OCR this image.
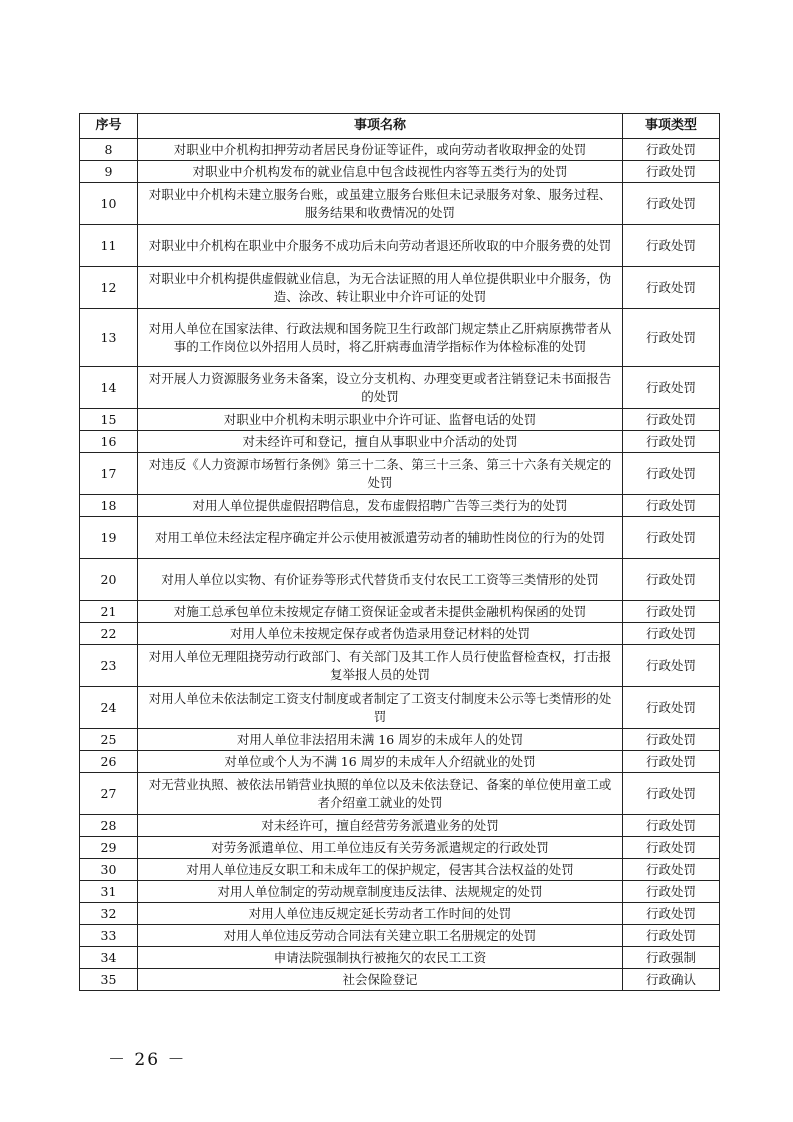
序号	事项名称	事项类型
8	对职业中介机构扣押劳动者居民身份证等证件，或向劳动者收取押金的处罚	行政处罚
9	对职业中介机构发布的就业信息中包含歧视性内容等五类行为的处罚	行政处罚
10	对职业中介机构未建立服务台账，或虽建立服务台账但未记录服务对象、服务过程、服务结果和收费情况的处罚	行政处罚
11	对职业中介机构在职业中介服务不成功后未向劳动者退还所收取的中介服务费的处罚	行政处罚
12	对职业中介机构提供虚假就业信息，为无合法证照的用人单位提供职业中介服务，伪造、涂改、转让职业中介许可证的处罚	行政处罚
13	对用人单位在国家法律、行政法规和国务院卫生行政部门规定禁止乙肝病原携带者从事的工作岗位以外招用人员时，将乙肝病毒血清学指标作为体检标准的处罚	行政处罚
14	对开展人力资源服务业务未备案，设立分支机构、办理变更或者注销登记未书面报告的处罚	行政处罚
15	对职业中介机构未明示职业中介许可证、监督电话的处罚	行政处罚
16	对未经许可和登记，擅自从事职业中介活动的处罚	行政处罚
17	对违反《人力资源市场暂行条例》第三十二条、第三十三条、第三十六条有关规定的处罚	行政处罚
18	对用人单位提供虚假招聘信息，发布虚假招聘广告等三类行为的处罚	行政处罚
19	对用工单位未经法定程序确定并公示使用被派遣劳动者的辅助性岗位的行为的处罚	行政处罚
20	对用人单位以实物、有价证券等形式代替货币支付农民工工资等三类情形的处罚	行政处罚
21	对施工总承包单位未按规定存储工资保证金或者未提供金融机构保函的处罚	行政处罚
22	对用人单位未按规定保存或者伪造录用登记材料的处罚	行政处罚
23	对用人单位无理阻挠劳动行政部门、有关部门及其工作人员行使监督检查权，打击报复举报人员的处罚	行政处罚
24	对用人单位未依法制定工资支付制度或者制定了工资支付制度未公示等七类情形的处罚	行政处罚
25	对用人单位非法招用未满 16 周岁的未成年人的处罚	行政处罚
26	对单位或个人为不满 16 周岁的未成年人介绍就业的处罚	行政处罚
27	对无营业执照、被依法吊销营业执照的单位以及未依法登记、备案的单位使用童工或者介绍童工就业的处罚	行政处罚
28	对未经许可，擅自经营劳务派遣业务的处罚	行政处罚
29	对劳务派遣单位、用工单位违反有关劳务派遣规定的行政处罚	行政处罚
30	对用人单位违反女职工和未成年工的保护规定，侵害其合法权益的处罚	行政处罚
31	对用人单位制定的劳动规章制度违反法律、法规规定的处罚	行政处罚
32	对用人单位违反规定延长劳动者工作时间的处罚	行政处罚
33	对用人单位违反劳动合同法有关建立职工名册规定的处罚	行政处罚
34	申请法院强制执行被拖欠的农民工工资	行政强制
35	社会保险登记	行政确认
－ 26 －
